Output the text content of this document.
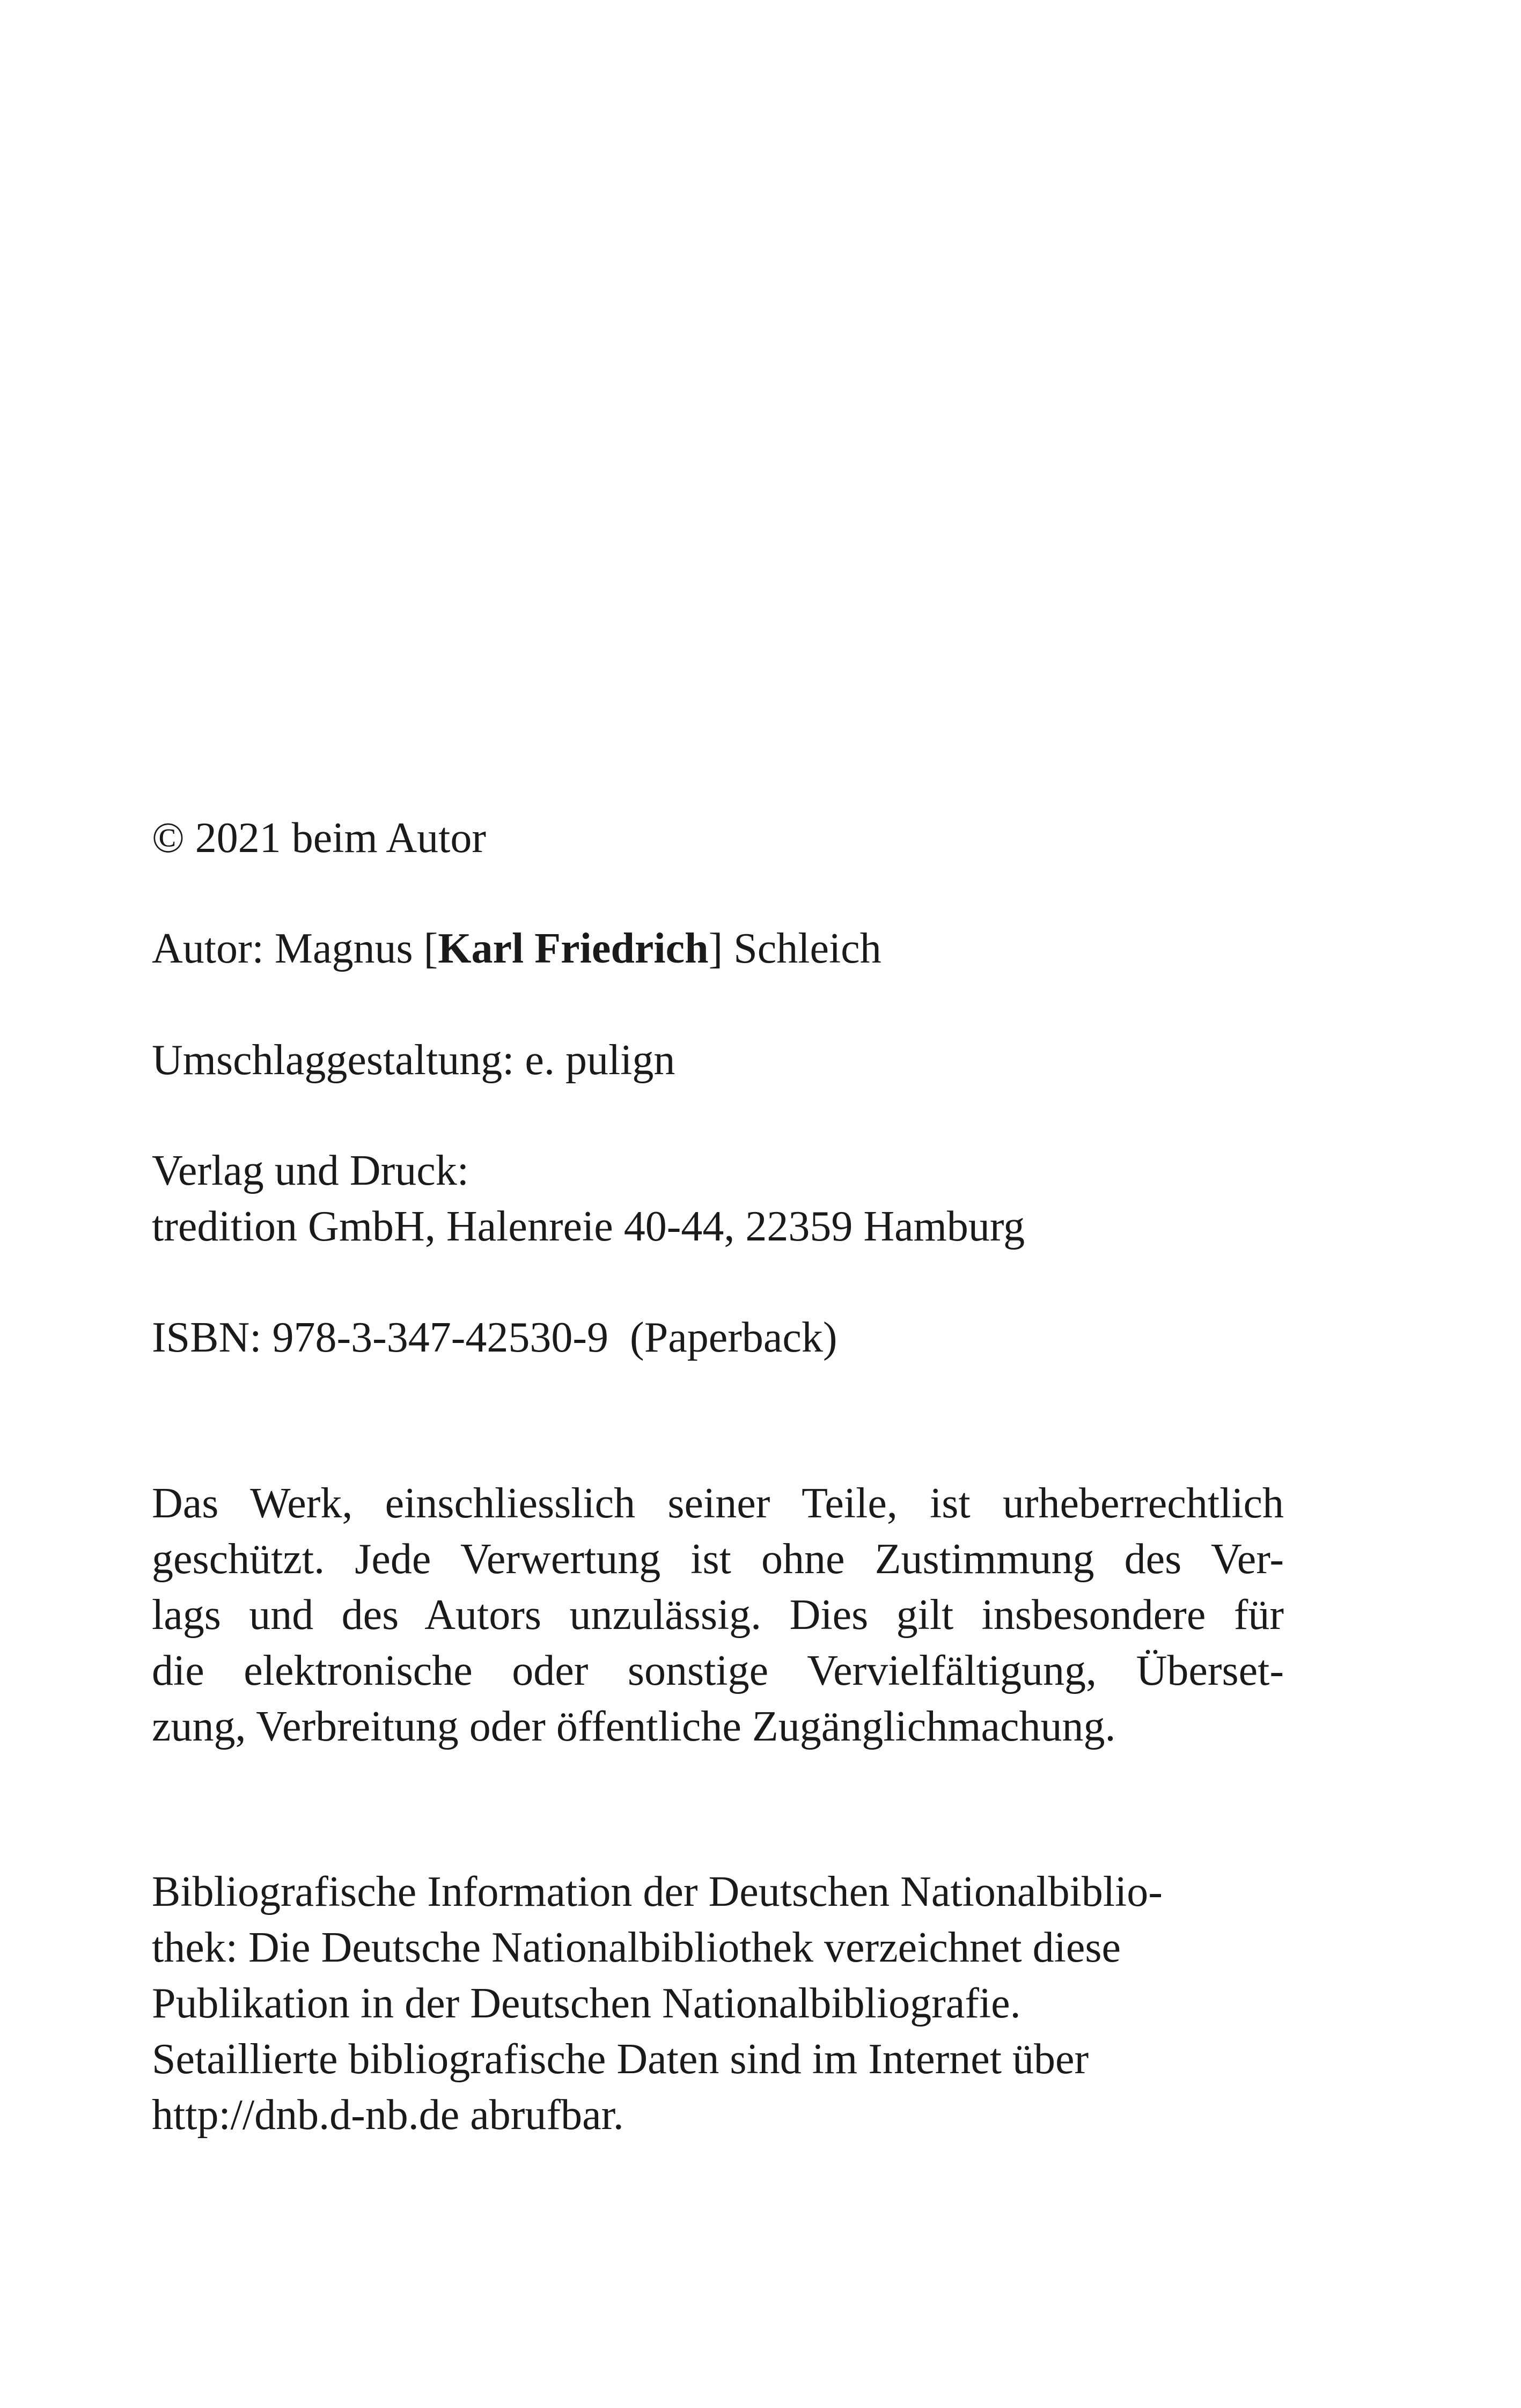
© 2021 beim Autor

Autor: Magnus [Karl Friedrich] Schleich

Umschlaggestaltung: e. pulign

Verlag und Druck:
tredition GmbH, Halenreie 40-44, 22359 Hamburg

ISBN: 978-3-347-42530-9  (Paperback)

Das Werk, einschliesslich seiner Teile, ist urheberrechtlich
geschützt. Jede Verwertung ist ohne Zustimmung des Ver-
lags und des Autors unzulässig. Dies gilt insbesondere für
die elektronische oder sonstige Vervielfältigung, Überset-
zung, Verbreitung oder öffentliche Zugänglichmachung.

Bibliografische Information der Deutschen Nationalbiblio-
thek: Die Deutsche Nationalbibliothek verzeichnet diese
Publikation in der Deutschen Nationalbibliografie.
Setaillierte bibliografische Daten sind im Internet über
http://dnb.d-nb.de abrufbar.
